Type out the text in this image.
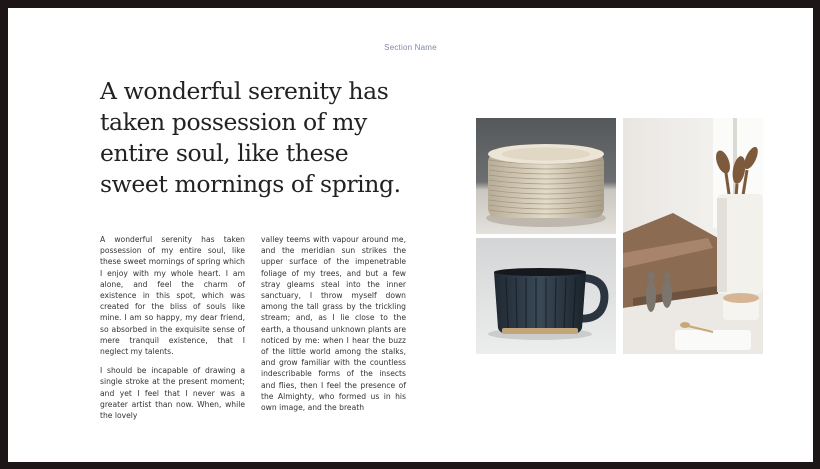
Section Name
A wonderful serenity has taken possession of my entire soul, like these sweet mornings of spring.

A wonderful serenity has taken possession of my entire soul, like these sweet mornings of spring which I enjoy with my whole heart. I am alone, and feel the charm of existence in this spot, which was created for the bliss of souls like mine. I am so happy, my dear friend, so absorbed in the exquisite sense of mere tranquil existence, that I neglect my talents.

I should be incapable of drawing a single stroke at the present moment; and yet I feel that I never was a greater artist than now. When, while the lovely

valley teems with vapour around me, and the meridian sun strikes the upper surface of the impenetrable foliage of my trees, and but a few stray gleams steal into the inner sanctuary, I throw myself down among the tall grass by the trickling stream; and, as I lie close to the earth, a thousand unknown plants are noticed by me: when I hear the buzz of the little world among the stalks, and grow familiar with the countless indescribable forms of the insects and flies, then I feel the presence of the Almighty, who formed us in his own image, and the breath
